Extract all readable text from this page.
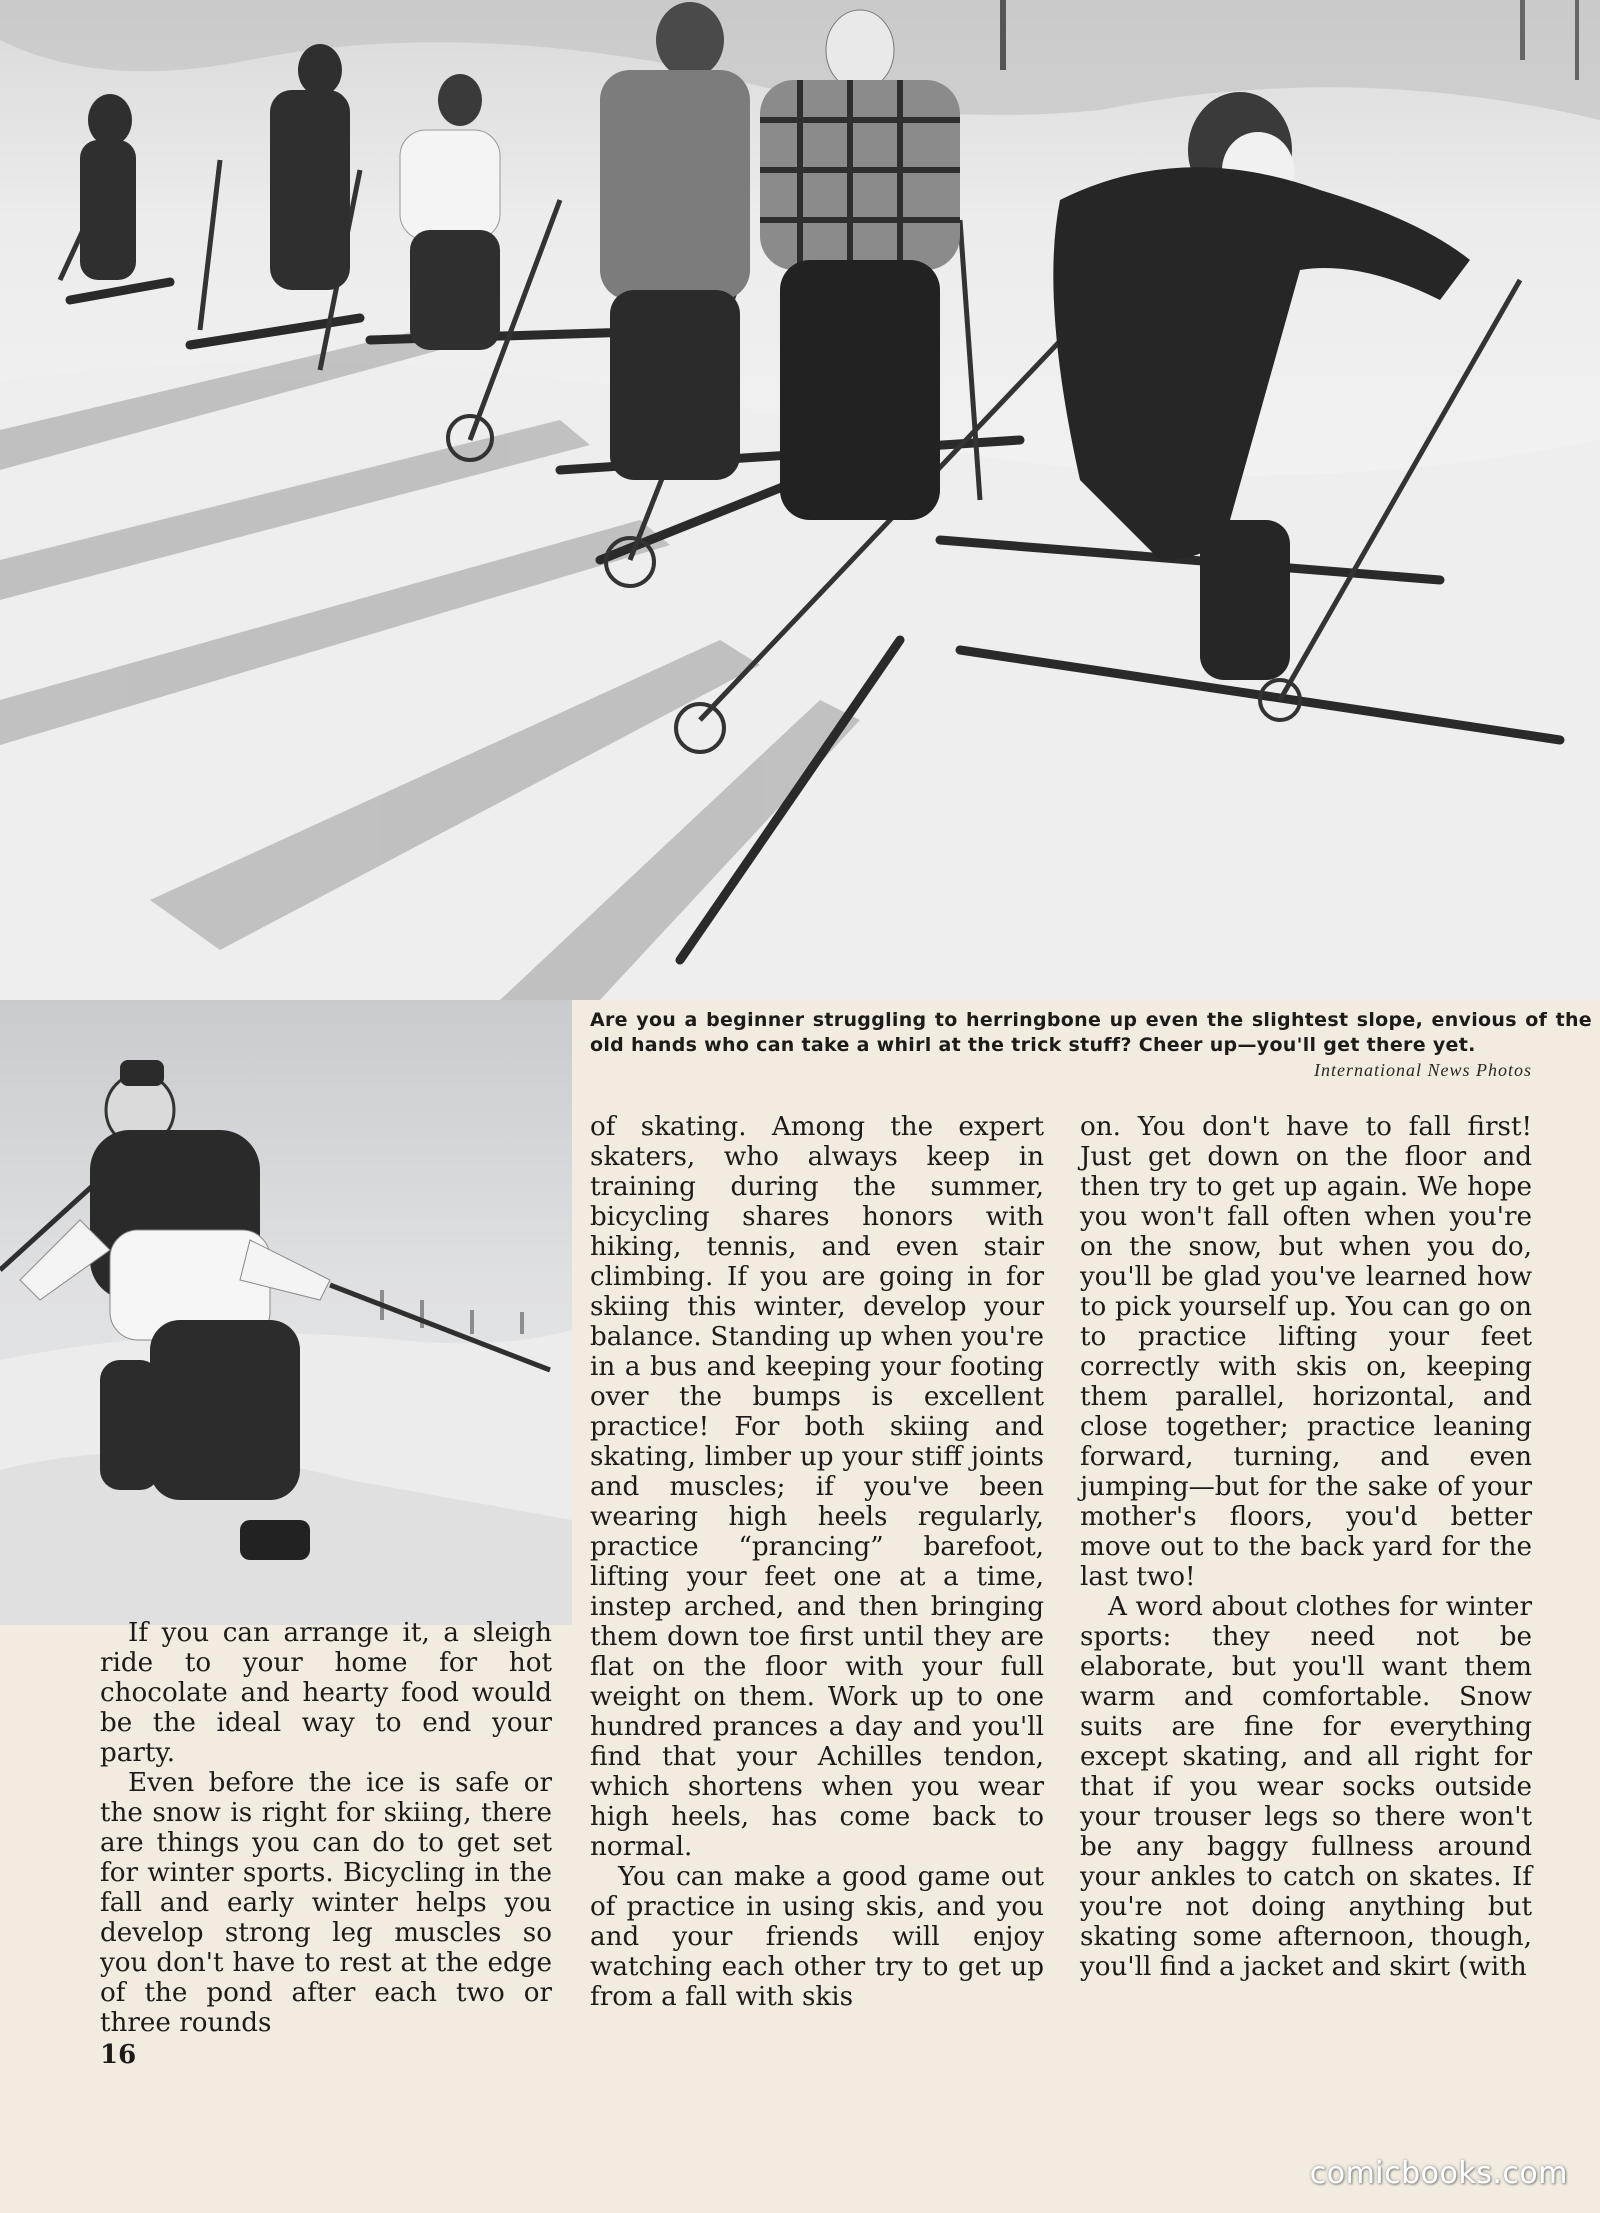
Are you a beginner struggling to herringbone up even the slightest slope, envious of the old hands who can take a whirl at the trick stuff? Cheer up—you'll get there yet.
International News Photos

If you can arrange it, a sleigh ride to your home for hot chocolate and hearty food would be the ideal way to end your party.

Even before the ice is safe or the snow is right for skiing, there are things you can do to get set for winter sports. Bicycling in the fall and early winter helps you develop strong leg muscles so you don't have to rest at the edge of the pond after each two or three rounds

of skating. Among the expert skaters, who always keep in training during the summer, bicycling shares honors with hiking, tennis, and even stair climbing. If you are going in for skiing this winter, develop your balance. Standing up when you're in a bus and keeping your footing over the bumps is excellent practice! For both skiing and skating, limber up your stiff joints and muscles; if you've been wearing high heels regularly, practice “prancing” barefoot, lifting your feet one at a time, instep arched, and then bringing them down toe first until they are flat on the floor with your full weight on them. Work up to one hundred prances a day and you'll find that your Achilles tendon, which shortens when you wear high heels, has come back to normal.

You can make a good game out of practice in using skis, and you and your friends will enjoy watching each other try to get up from a fall with skis

on. You don't have to fall first! Just get down on the floor and then try to get up again. We hope you won't fall often when you're on the snow, but when you do, you'll be glad you've learned how to pick yourself up. You can go on to practice lifting your feet correctly with skis on, keeping them parallel, horizontal, and close together; practice leaning forward, turning, and even jumping—but for the sake of your mother's floors, you'd better move out to the back yard for the last two!

A word about clothes for winter sports: they need not be elaborate, but you'll want them warm and comfortable. Snow suits are fine for everything except skating, and all right for that if you wear socks outside your trouser legs so there won't be any baggy fullness around your ankles to catch on skates. If you're not doing anything but skating some afternoon, though, you'll find a jacket and skirt (with

16
comicbooks.com
